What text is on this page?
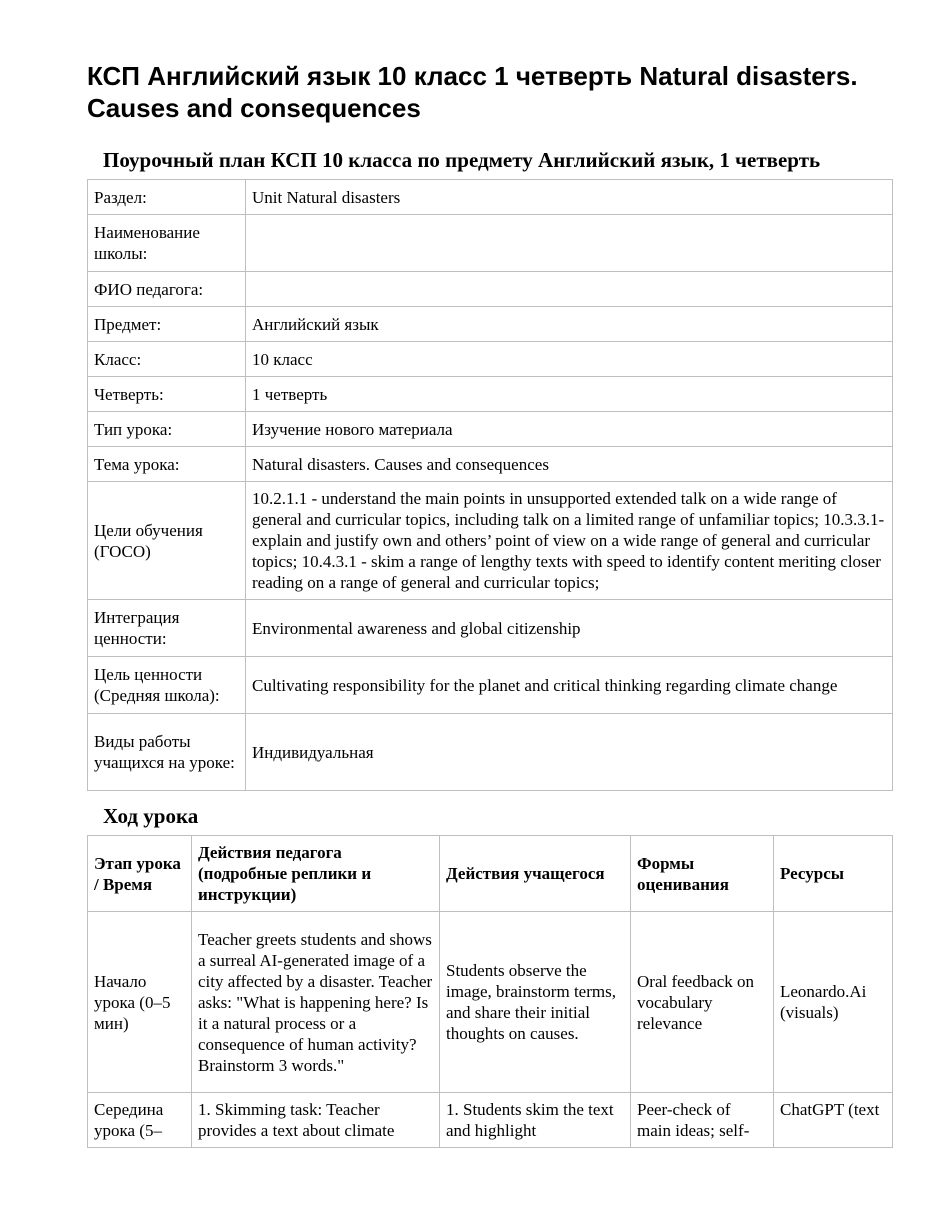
КСП Английский язык 10 класс 1 четверть Natural disasters. Causes and consequences
Поурочный план КСП 10 класса по предмету Английский язык, 1 четверть
Раздел:	Unit Natural disasters
Наименование школы:	
ФИО педагога:	
Предмет:	Английский язык
Класс:	10 класс
Четверть:	1 четверть
Тип урока:	Изучение нового материала
Тема урока:	Natural disasters. Causes and consequences
Цели обучения (ГОСО)	10.2.1.1 - understand the main points in unsupported extended talk on a wide range of general and curricular topics, including talk on a limited range of unfamiliar topics; 10.3.3.1- explain and justify own and others’ point of view on a wide range of general and curricular topics; 10.4.3.1 - skim a range of lengthy texts with speed to identify content meriting closer reading on a range of general and curricular topics;
Интеграция ценности:	Environmental awareness and global citizenship
Цель ценности (Средняя школа):	Cultivating responsibility for the planet and critical thinking regarding climate change
Виды работы учащихся на уроке:	Индивидуальная
Ход урока
Этап урока / Время	Действия педагога (подробные реплики и инструкции)	Действия учащегося	Формы оценивания	Ресурсы
Начало урока (0–5 мин)	Teacher greets students and shows a surreal AI-generated image of a city affected by a disaster. Teacher asks: "What is happening here? Is it a natural process or a consequence of human activity? Brainstorm 3 words."	Students observe the image, brainstorm terms, and share their initial thoughts on causes.	Oral feedback on vocabulary relevance	Leonardo.Ai (visuals)

Середина урока (5–	1. Skimming task: Teacher provides a text about climate	1. Students skim the text and highlight	Peer-check of main ideas; self-	ChatGPT (text
